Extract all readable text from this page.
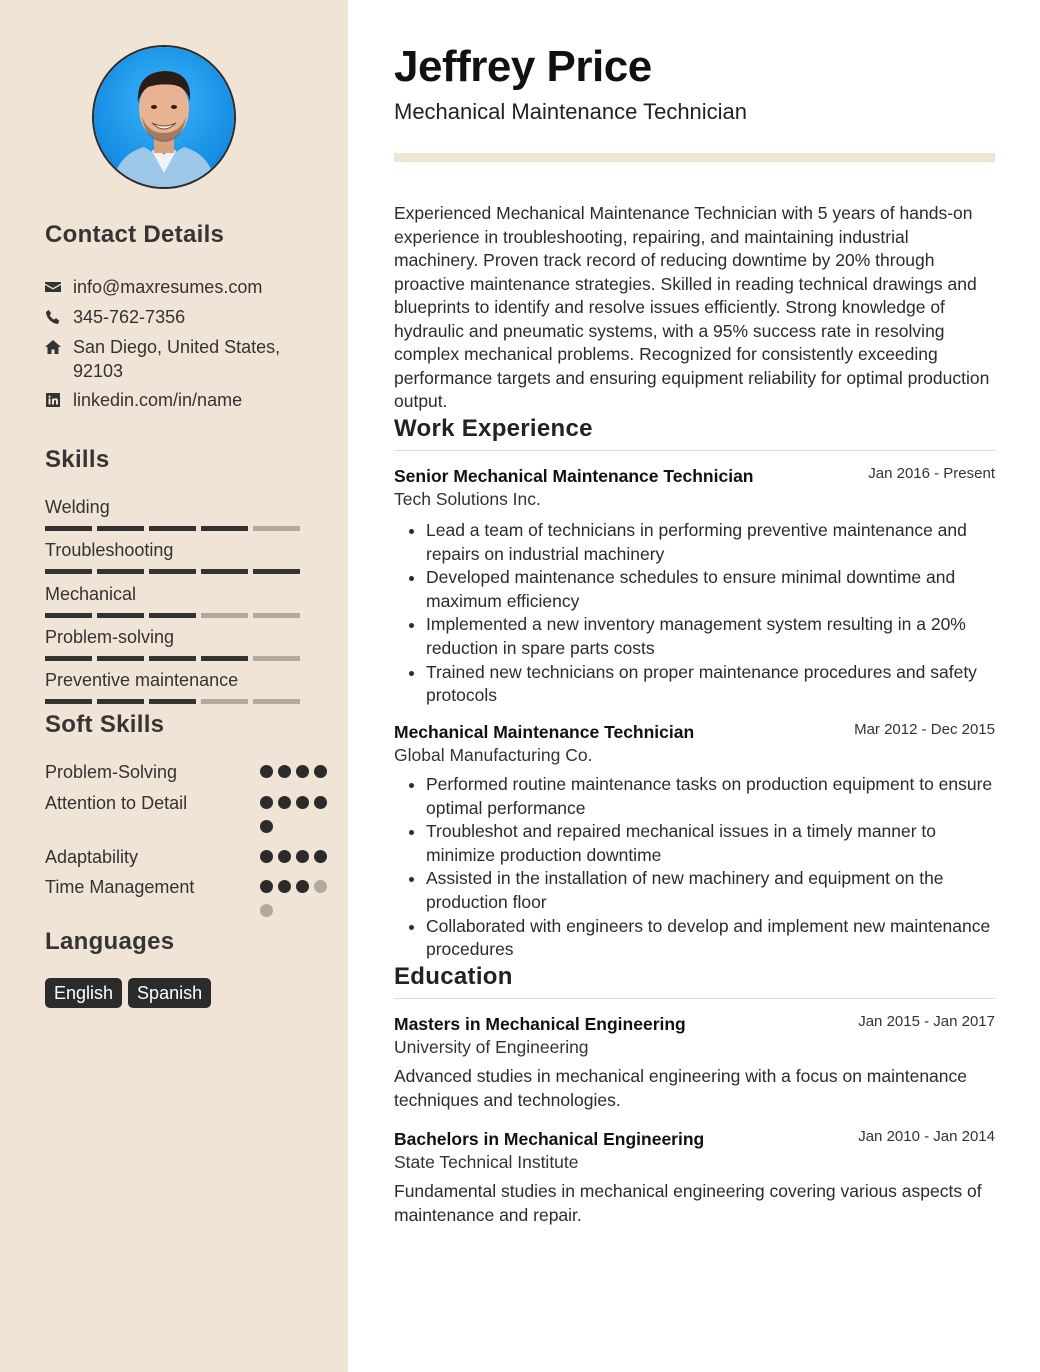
Contact Details
info@maxresumes.com
345-762-7356
San Diego, United States, 92103
linkedin.com/in/name
Skills
Welding
Troubleshooting
Mechanical
Problem-solving
Preventive maintenance
Soft Skills
Problem-Solving
Attention to Detail
Adaptability
Time Management
Languages
English	Spanish
Jeffrey Price
Mechanical Maintenance Technician
Experienced Mechanical Maintenance Technician with 5 years of hands-on experience in troubleshooting, repairing, and maintaining industrial machinery. Proven track record of reducing downtime by 20% through proactive maintenance strategies. Skilled in reading technical drawings and blueprints to identify and resolve issues efficiently. Strong knowledge of hydraulic and pneumatic systems, with a 95% success rate in resolving complex mechanical problems. Recognized for consistently exceeding performance targets and ensuring equipment reliability for optimal production output.
Work Experience
Senior Mechanical Maintenance Technician	Jan 2016 - Present
Tech Solutions Inc.
• Lead a team of technicians in performing preventive maintenance and repairs on industrial machinery
• Developed maintenance schedules to ensure minimal downtime and maximum efficiency
• Implemented a new inventory management system resulting in a 20% reduction in spare parts costs
• Trained new technicians on proper maintenance procedures and safety protocols
Mechanical Maintenance Technician	Mar 2012 - Dec 2015
Global Manufacturing Co.
• Performed routine maintenance tasks on production equipment to ensure optimal performance
• Troubleshot and repaired mechanical issues in a timely manner to minimize production downtime
• Assisted in the installation of new machinery and equipment on the production floor
• Collaborated with engineers to develop and implement new maintenance procedures
Education
Masters in Mechanical Engineering	Jan 2015 - Jan 2017
University of Engineering
Advanced studies in mechanical engineering with a focus on maintenance techniques and technologies.
Bachelors in Mechanical Engineering	Jan 2010 - Jan 2014
State Technical Institute
Fundamental studies in mechanical engineering covering various aspects of maintenance and repair.
